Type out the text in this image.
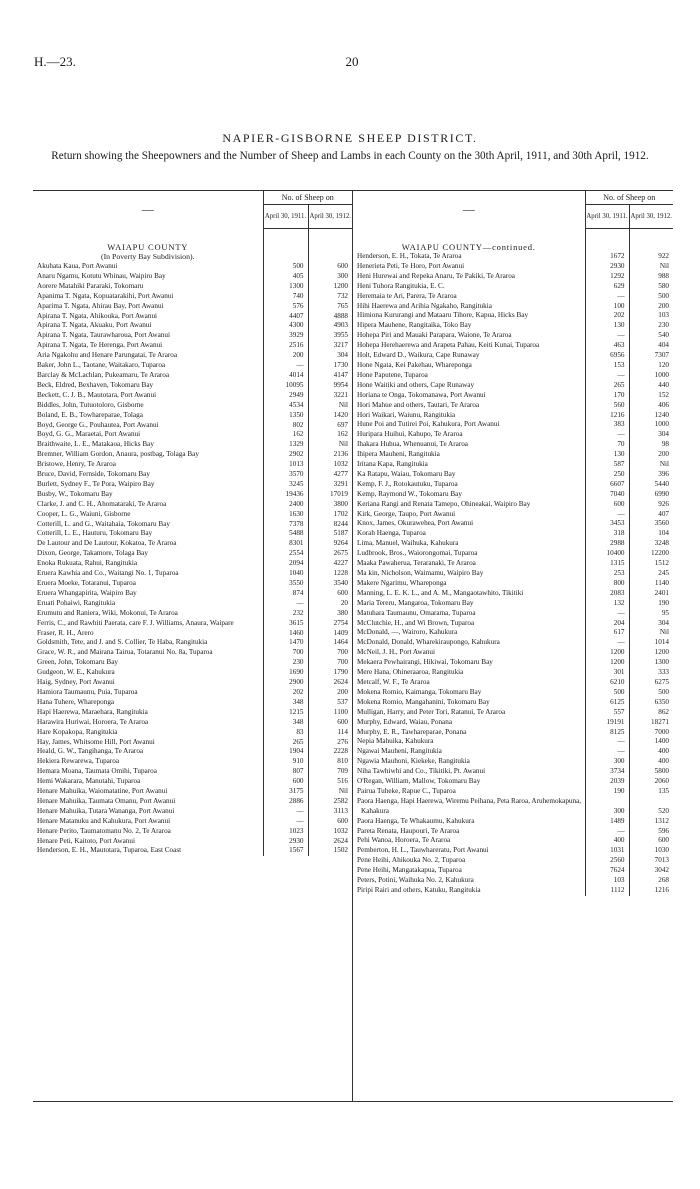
H.—23.	20
NAPIER-GISBORNE SHEEP DISTRICT.
Return showing the Sheepowners and the Number of Sheep and Lambs in each County on the 30th April, 1911, and 30th April, 1912.
—	No. of Sheep on	
	April 30, 1911.	April 30, 1912.
WAIAPU COUNTY		
(In Poverty Bay Subdivision).		
Akuhata Kaua, Port Awanui	500	600
Anaru Ngamu, Kotutu Whinau, Waipiro Bay	405	300
Aorere Matahiki Pararaki, Tokomaru	1300	1200
Apanima T. Ngata, Kopuatarakihi, Port Awanui	740	732
Aparima T. Ngata, Ahirau Bay, Port Awanui	576	765
Apirana T. Ngata, Ahikouka, Port Awanui	4407	4888
Apirana T. Ngata, Akuaku, Port Awanui	4300	4903
Apirana T. Ngata, Taurawharoua, Port Awanui	3929	3955
Apirana T. Ngata, Te Herenga, Port Awanui	2516	3217
Aria Ngakohu and Henare Parungatai, Te Araroa	200	304
Baker, John L., Taotane, Waitakaro, Tuparoa	—	1730
Barclay & McLachlan, Pukeamaru, Te Araroa	4014	4147
Beck, Eldred, Bexhaven, Tokomaru Bay	10095	9954
Beckett, C. J. B., Mautotara, Port Awanui	2949	3221
Biddles, John, Tutuotoloro, Gisborne	4534	Nil
Boland, E. B., Towhareparae, Tolaga	1350	1420
Boyd, George G., Pouhautea, Port Awanui	802	697
Boyd, G. G., Maraetai, Port Awanui	162	162
Braithwaite, L. E., Matakaoa, Hicks Bay	1329	Nil
Bremner, William Gordon, Anaura, postbag, Tolaga Bay	2902	2136
Bristowe, Henry, Te Araroa	1013	1032
Bruce, David, Fernside, Tokomaru Bay	3570	4277
Burlett, Sydney F., Te Pora, Waipiro Bay	3245	3291
Busby, W., Tokomaru Bay	19436	17019
Clarke, J. and C. H., Ahomataraki, Te Araroa	2400	3800
Cooper, L. G., Waiuni, Gisborne	1630	1702
Cotterill, L. and G., Waitahaia, Tokomaru Bay	7378	8244
Cotterill, L. E., Hauturu, Tokomaru Bay	5488	5187
De Lautour and De Lautour, Kokatoa, Te Araroa	8301	9264
Dixon, George, Takamore, Tolaga Bay	2554	2675
Enoka Rukuata, Rahui, Rangitukia	2094	4227
Eruera Kawhia and Co., Waitangi No. 1, Tuparoa	1040	1228
Eruera Moeke, Totaranui, Tuparoa	3550	3540
Eruera Whangapirita, Waipiro Bay	874	600
Eruati Pohaiwi, Rangitukia	—	20
Erumutu and Raniera, Wiki, Mokonui, Te Araroa	232	380
Ferris, C., and Rawhiti Paerata, care F. J. Williams, Anaura, Waipare	3615	2754
Fraser, R. H., Arero	1460	1409
Goldsmith, Tete, and J. and S. Collier, Te Haba, Rangitukia	1470	1464
Grace, W. R., and Mairana Tairua, Totaranui No. 8a, Tuparoa	700	700
Green, John, Tokomaru Bay	230	700
Gudgeon, W. E., Kahukura	1690	1790
Haig, Sydney, Port Awanui	2900	2624
Hamiora Taumaunu, Puia, Tuparoa	202	200
Hana Tuhere, Whareponga	348	537
Hapi Haerewa, Maraehara, Rangitukia	1215	1100
Harawira Huriwai, Horoera, Te Araroa	348	600
Hare Kopakopa, Rangitukia	83	114
Hay, James, Whitsome Hill, Port Awanui	265	276
Heald, G. W., Tangihanga, Te Araroa	1904	2228
Hekiera Rewarewa, Tuparoa	910	810
Hemara Moana, Taumata Omihi, Tuparoa	807	709
Hemi Wakarara, Manutahi, Tuparoa	600	516
Henare Mahuika, Waiomatatine, Port Awanui	3175	Nil
Henare Mahuika, Taumata Omanu, Port Awanui	2886	2582
Henare Mahuika, Tutara Wananga, Port Awanui	—	3113
Henare Matanuku and Kahukura, Port Awanui	—	600
Henare Perito, Taumatomanu No. 2, Te Araroa	1023	1032
Henare Peti, Kaitoto, Port Awanui	2930	2624
Henderson, E. H., Mautotara, Tuparoa, East Coast	1567	1502
—	No. of Sheep on	
	April 30, 1911.	April 30, 1912.
WAIAPU COUNTY—continued.		
Henderson, E. H., Tokata, Te Araroa	1672	922
Henerieta Peti, Te Horo, Port Awanui	2930	Nil
Heni Hurewai and Repeka Anaru, Te Pakiki, Te Araroa	1292	988
Heni Tuhora Rangitukia, E. C.	629	580
Heremaia te Ari, Parera, Te Araroa	—	500
Hihi Haerewa and Arihia Ngakaho, Rangitukia	100	200
Himiona Kururangi and Mataaru Tihore, Kapua, Hicks Bay	202	103
Hipera Mauhene, Rangitaika, Toko Bay	130	230
Hohepa Piri and Mauaki Parapara, Waione, Te Araroa	—	540
Hohepa Herehaerewa and Arapeta Pahau, Keiti Kunai, Tuparoa	463	404
Holt, Edward D., Waikura, Cape Runaway	6956	7307
Hone Ngata, Kei Pakehau, Whareponga	153	120
Hone Paputene, Tuparoa	—	1000
Hone Waitiki and others, Cape Runaway	265	440
Horiana te Onga, Tokomanawa, Port Awanui	170	152
Hori Mahue and others, Tautari, Te Araroa	560	406
Hori Waikari, Waiunu, Rangitukia	1216	1240
Hune Poi and Tutirei Poi, Kahukura, Port Awanui	383	1000
Huripara Huihui, Kahupo, Te Araroa	—	304
Ihakara Huhua, Whenuanui, Te Araroa	70	98
Ihipera Mauheni, Rangitukia	130	200
Iritana Kapa, Rangitukia	587	Nil
Ka Ratapu, Waiau, Tokomaru Bay	250	396
Kemp, F. J., Rotokautuku, Tuparoa	6607	5440
Kemp, Raymond W., Tokomaru Bay	7040	6990
Keriana Rangi and Renata Tamepo, Ohineakai, Waipiro Bay	600	926
Kirk, George, Taupo, Port Awanui	—	407
Knox, James, Okurawehea, Port Awanui	3453	3560
Korah Haenga, Tuparoa	318	104
Lima, Manuel, Waihuka, Kahukura	2988	3248
Ludbrook, Bros., Waiorongomai, Tuparoa	10400	12200
Maaka Pawaherua, Teraranaki, Te Araroa	1315	1512
Ma kin, Nicholson, Waimamu, Waipiro Bay	253	245
Makere Ngarimu, Whareponga	800	1140
Manning, L. E. K. L., and A. M., Mangaotawhito, Tikitiki	2083	2401
Maria Tereru, Mangaroa, Tokomaru Bay	132	190
Matuhara Taumaunu, Omarama, Tuparoa	—	95
McClutchie, H., and Wi Brown, Tuparoa	204	304
McDonald, —, Wairoro, Kahukura	617	Nil
McDonald, Donald, Wharekiraupongo, Kahukura	—	1014
McNeil, J. H., Port Awanui	1200	1200
Mekaera Pewhairangi, Hikiwai, Tokomaru Bay	1200	1300
Mere Hana, Ohineraaroa, Rangitukia	301	333
Metcalf, W. F., Te Araroa	6210	6275
Mokena Romio, Kaimanga, Tokomaru Bay	500	500
Mokena Romio, Mangahanini, Tokomaru Bay	6125	6350
Mulligan, Harry, and Peter Tori, Ratanui, Te Araroa	557	862
Murphy, Edward, Waiau, Ponana	19191	18271
Murphy, E. R., Tawhareparae, Ponana	8125	7000
Nepia Mahuika, Kahukura	—	1400
Ngawai Mauheni, Rangitukia	—	400
Ngawia Mauhoni, Kiekeke, Rangitukia	300	400
Niha Tawhiwhi and Co., Tikitiki, Pt. Awanui	3734	5800
O'Regan, William, Mallow, Tokomaru Bay	2039	2060
Pairua Tuheke, Rapue C., Tuparoa	190	135
Paora Haenga, Hapi Haerewa, Wiremu Peihana, Peta Raroa, Aruhemokapuna, Kahakura	300	520
Paora Haenga, Te Whakaumu, Kahukura	1489	1312
Pareta Renata, Haupouri, Te Araroa	—	596
Pehi Wanoa, Horoera, Te Araroa	400	600
Pemberton, H. L., Tauwhareratu, Port Awanui	1031	1030
Pene Heihi, Ahikouka No. 2, Tuparoa	2560	7013
Pene Heihi, Mangatakapua, Tuparoa	7624	3042
Peters, Potini, Waihuka No. 2, Kahukura	103	268
Piripi Rairi and others, Katuku, Rangitukia	1112	1216
